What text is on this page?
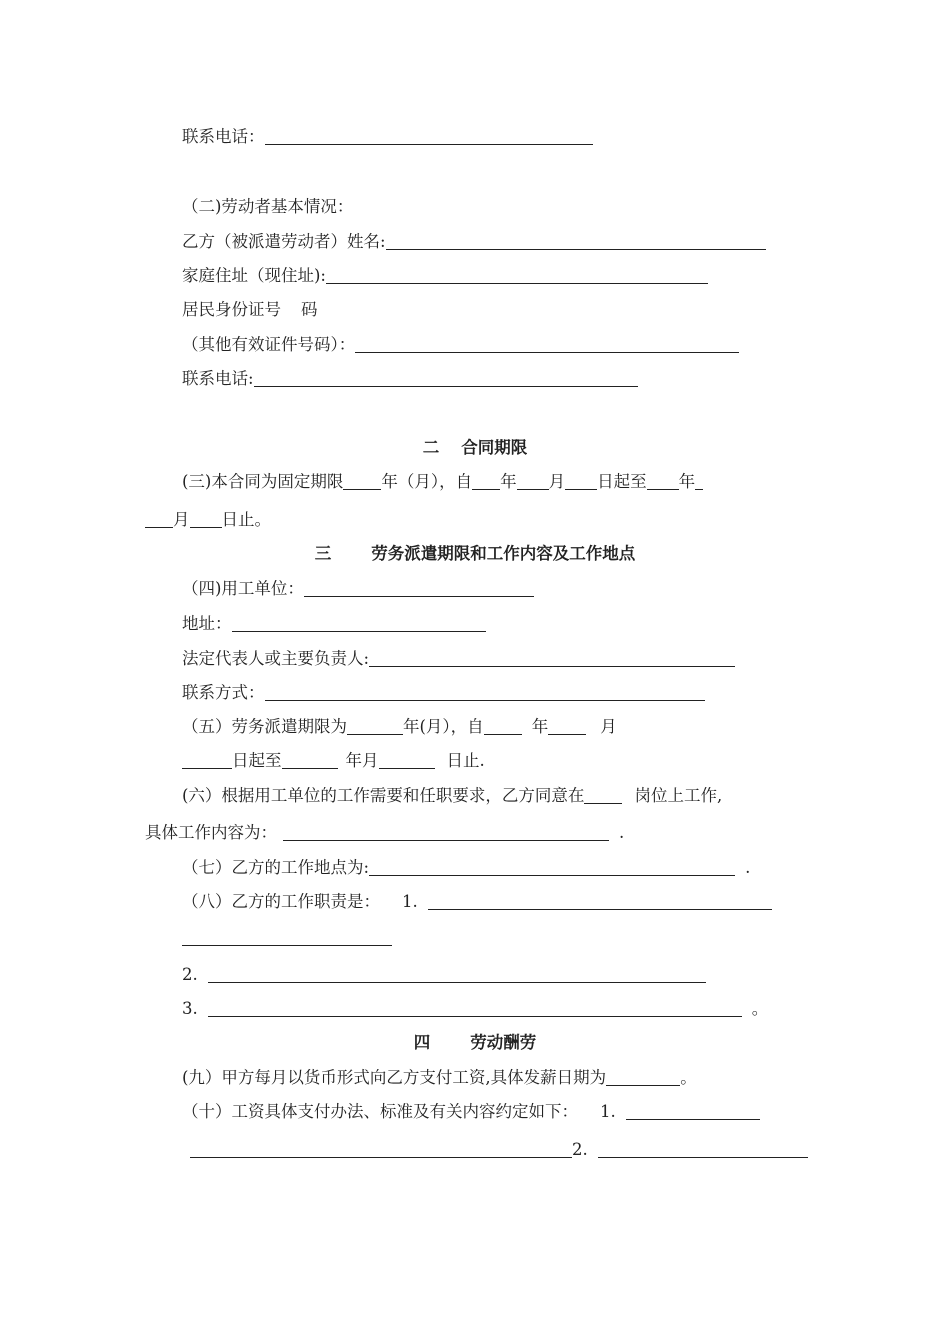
联系电话：
（二)劳动者基本情况：
乙方（被派遣劳动者）姓名:
家庭住址（现住址):
居民身份证号 码
（其他有效证件号码）：
联系电话:
二 合同期限
(三)本合同为固定期限 年（月），自 年 月 日起至 年
月 日止。
三 劳务派遣期限和工作内容及工作地点
（四)用工单位：
地址：
法定代表人或主要负责人:
联系方式：
（五）劳务派遣期限为	年(月），自	年	月
日起至	年月	日止.
(六）根据用工单位的工作需要和任职要求，乙方同意在	岗位上工作,
具体工作内容为：	.
（七）乙方的工作地点为:	.
（八）乙方的工作职责是： 1.
2.
3.	。
四 劳动酬劳
(九）甲方每月以货币形式向乙方支付工资,具体发薪日期为	。
（十）工资具体支付办法、标准及有关内容约定如下： 1.
2.
